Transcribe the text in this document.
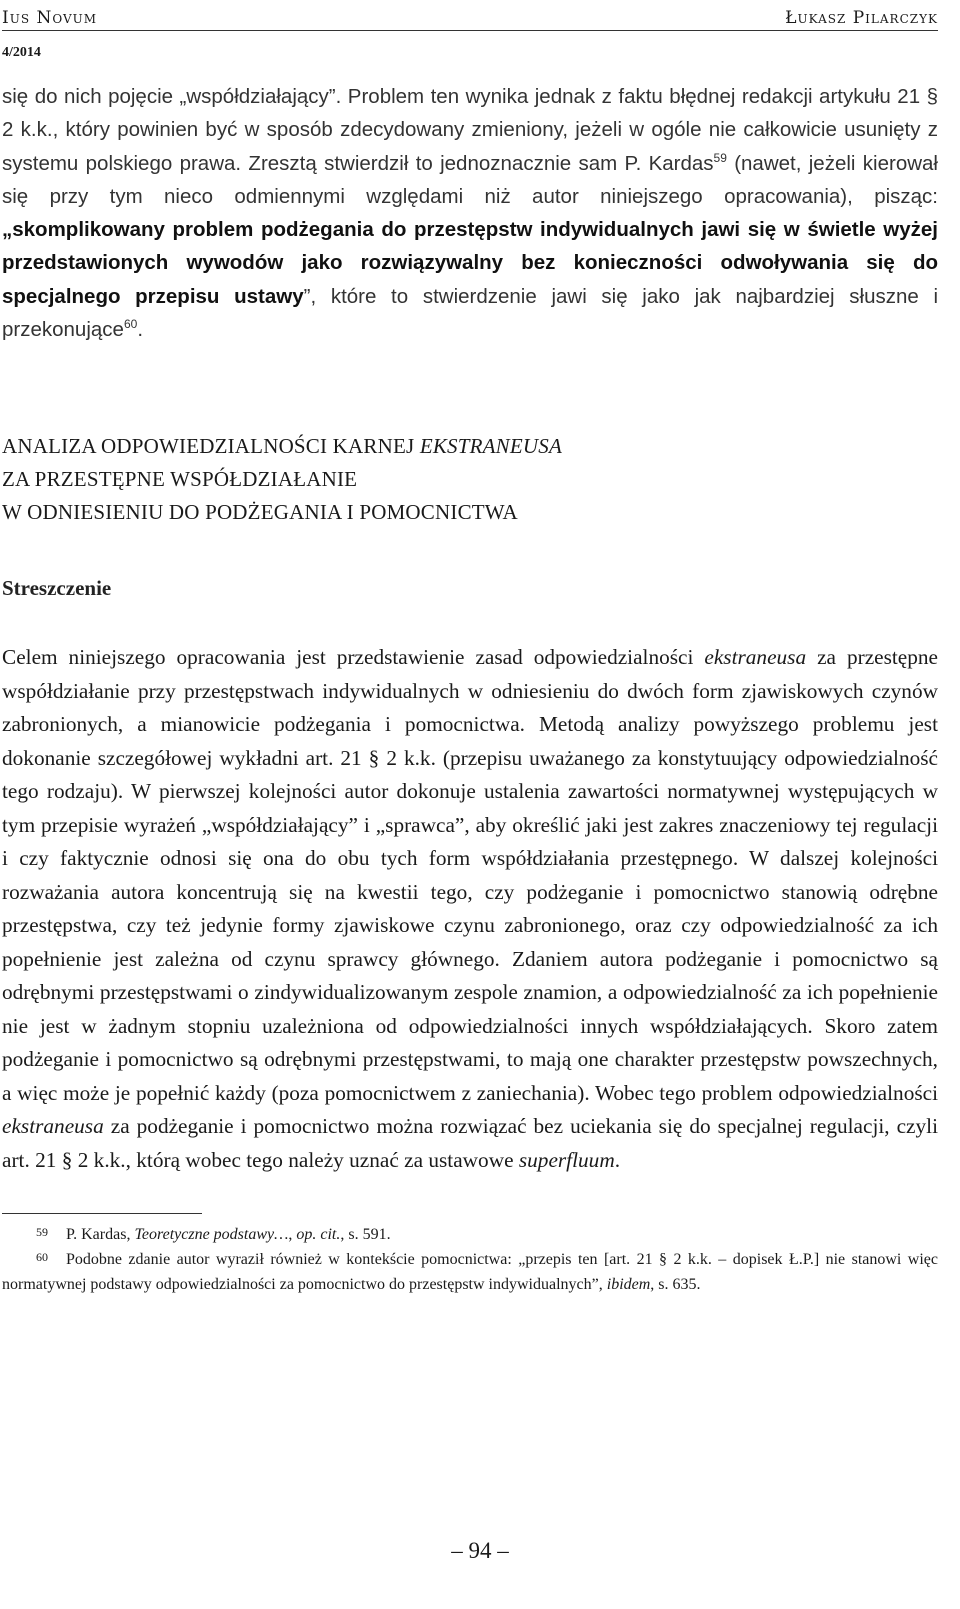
Ius Novum	Łukasz Pilarczyk
4/2014
się do nich pojęcie „współdziałający”. Problem ten wynika jednak z faktu błędnej redakcji artykułu 21 § 2 k.k., który powinien być w sposób zdecydowany zmieniony, jeżeli w ogóle nie całkowicie usunięty z systemu polskiego prawa. Zresztą stwierdził to jednoznacznie sam P. Kardas$^{59}$ (nawet, jeżeli kierował się przy tym nieco odmiennymi względami niż autor niniejszego opracowania), pisząc: „skomplikowany problem podżegania do przestępstw indywidualnych jawi się w świetle wyżej przedstawionych wywodów jako rozwiązywalny bez konieczności odwoływania się do specjalnego przepisu ustawy”, które to stwierdzenie jawi się jako jak najbardziej słuszne i przekonujące$^{60}$.
ANALIZA ODPOWIEDZIALNOŚCI KARNEJ EKSTRANEUSA
ZA PRZESTĘPNE WSPÓŁDZIAŁANIE
W ODNIESIENIU DO PODŻEGANIA I POMOCNICTWA
Streszczenie
Celem niniejszego opracowania jest przedstawienie zasad odpowiedzialności ekstraneusa za przestępne współdziałanie przy przestępstwach indywidualnych w odniesieniu do dwóch form zjawiskowych czynów zabronionych, a mianowicie podżegania i pomocnictwa. Metodą analizy powyższego problemu jest dokonanie szczegółowej wykładni art. 21 § 2 k.k. (przepisu uważanego za konstytuujący odpowiedzialność tego rodzaju). W pierwszej kolejności autor dokonuje ustalenia zawartości normatywnej występujących w tym przepisie wyrażeń „współdziałający” i „sprawca”, aby określić jaki jest zakres znaczeniowy tej regulacji i czy faktycznie odnosi się ona do obu tych form współdziałania przestępnego. W dalszej kolejności rozważania autora koncentrują się na kwestii tego, czy podżeganie i pomocnictwo stanowią odrębne przestępstwa, czy też jedynie formy zjawiskowe czynu zabronionego, oraz czy odpowiedzialność za ich popełnienie jest zależna od czynu sprawcy głównego. Zdaniem autora podżeganie i pomocnictwo są odrębnymi przestępstwami o zindywidualizowanym zespole znamion, a odpowiedzialność za ich popełnienie nie jest w żadnym stopniu uzależniona od odpowiedzialności innych współdziałających. Skoro zatem podżeganie i pomocnictwo są odrębnymi przestępstwami, to mają one charakter przestępstw powszechnych, a więc może je popełnić każdy (poza pomocnictwem z zaniechania). Wobec tego problem odpowiedzialności ekstraneusa za podżeganie i pomocnictwo można rozwiązać bez uciekania się do specjalnej regulacji, czyli art. 21 § 2 k.k., którą wobec tego należy uznać za ustawowe superfluum.
59 P. Kardas, Teoretyczne podstawy…, op. cit., s. 591.
60 Podobne zdanie autor wyraził również w kontekście pomocnictwa: „przepis ten [art. 21 § 2 k.k. – dopisek Ł.P.] nie stanowi więc normatywnej podstawy odpowiedzialności za pomocnictwo do przestępstw indywidualnych”, ibidem, s. 635.
– 94 –
